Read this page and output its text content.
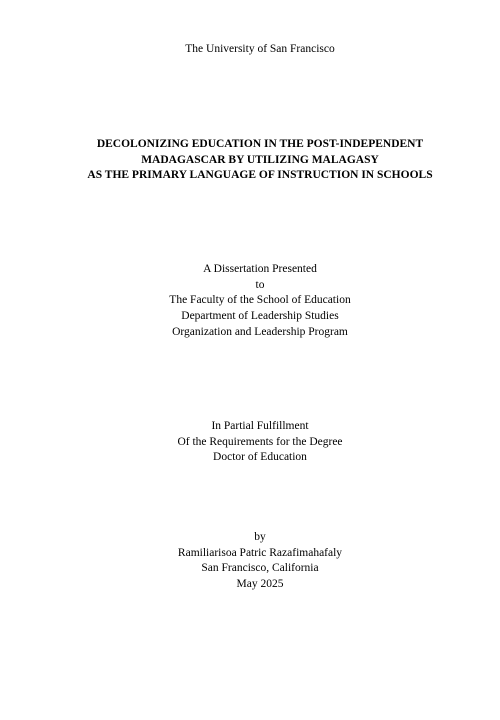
The University of San Francisco
DECOLONIZING EDUCATION IN THE POST-INDEPENDENT
MADAGASCAR BY UTILIZING MALAGASY
AS THE PRIMARY LANGUAGE OF INSTRUCTION IN SCHOOLS
A Dissertation Presented
to
The Faculty of the School of Education
Department of Leadership Studies
Organization and Leadership Program
In Partial Fulfillment
Of the Requirements for the Degree
Doctor of Education
by
Ramiliarisoa Patric Razafimahafaly
San Francisco, California
May 2025
